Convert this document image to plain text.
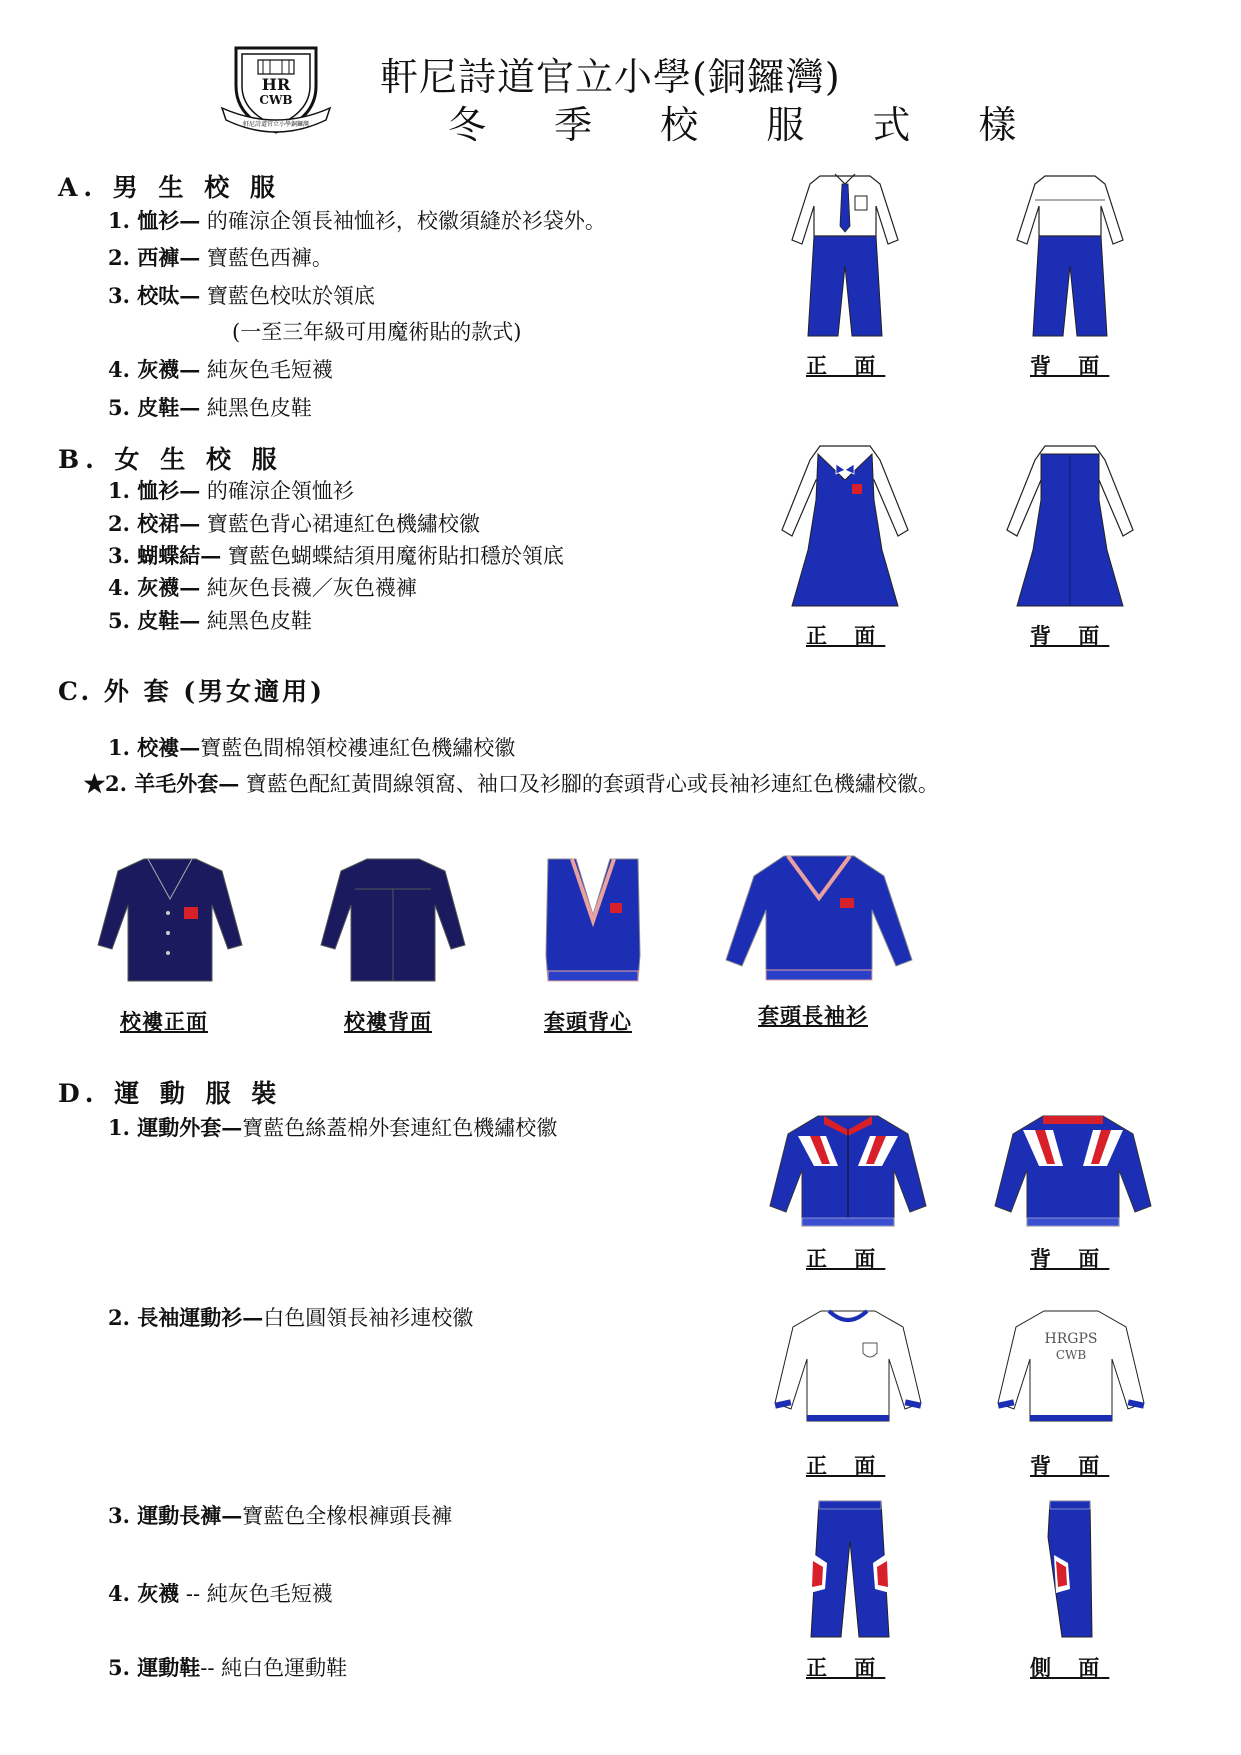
HR
CWB
軒尼詩道官立小學銅鑼灣
軒尼詩道官立小學(銅鑼灣)
冬 季 校 服 式 樣
A. 男 生 校 服
1. 恤衫— 的確涼企領長袖恤衫，校徽須縫於衫袋外。
2. 西褲— 寶藍色西褲。
3. 校呔— 寶藍色校呔於領底
(一至三年級可用魔術貼的款式)
4. 灰襪— 純灰色毛短襪
5. 皮鞋— 純黑色皮鞋
正 面	背 面
B. 女 生 校 服
1. 恤衫— 的確涼企領恤衫
2. 校裙— 寶藍色背心裙連紅色機繡校徽
3. 蝴蝶結— 寶藍色蝴蝶結須用魔術貼扣穩於領底
4. 灰襪— 純灰色長襪／灰色襪褲
5. 皮鞋— 純黑色皮鞋
正 面	背 面
C. 外 套 (男女適用)
1. 校褸—寶藍色間棉領校褸連紅色機繡校徽
★2. 羊毛外套— 寶藍色配紅黃間線領窩、袖口及衫腳的套頭背心或長袖衫連紅色機繡校徽。
校褸正面	校褸背面	套頭背心	套頭長袖衫
D. 運 動 服 裝
1. 運動外套—寶藍色絲蓋棉外套連紅色機繡校徽
2. 長袖運動衫—白色圓領長袖衫連校徽
3. 運動長褲—寶藍色全橡根褲頭長褲
4. 灰襪 -- 純灰色毛短襪
5. 運動鞋-- 純白色運動鞋
正 面	背 面
HRGPS
CWB
正 面	背 面
正 面	側 面
